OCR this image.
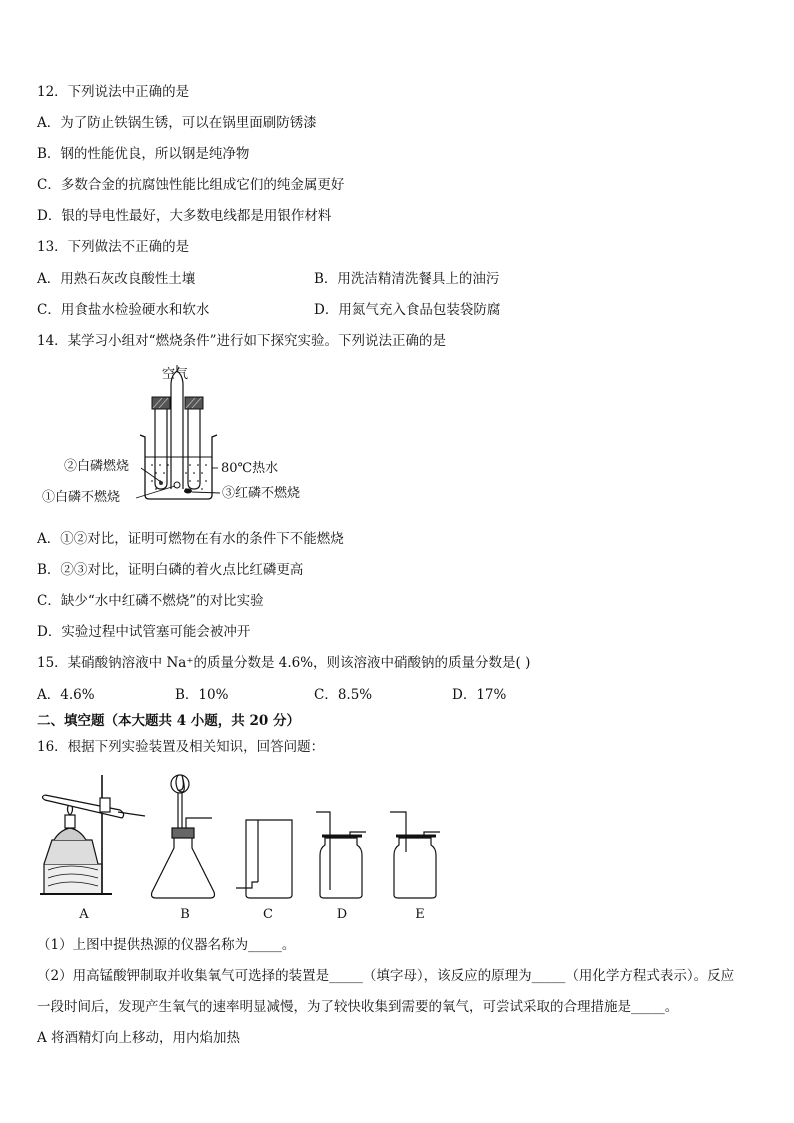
12．下列说法中正确的是
A．为了防止铁锅生锈，可以在锅里面刷防锈漆
B．钢的性能优良，所以钢是纯净物
C．多数合金的抗腐蚀性能比组成它们的纯金属更好
D．银的导电性最好，大多数电线都是用银作材料
13．下列做法不正确的是
A．用熟石灰改良酸性土壤	B．用洗洁精清洗餐具上的油污
C．用食盐水检验硬水和软水	D．用氮气充入食品包装袋防腐
14．某学习小组对“燃烧条件”进行如下探究实验。下列说法正确的是
空气
80℃热水
②白磷燃烧
①白磷不燃烧	③红磷不燃烧
A．①②对比，证明可燃物在有水的条件下不能燃烧
B．②③对比，证明白磷的着火点比红磷更高
C．缺少“水中红磷不燃烧”的对比实验
D．实验过程中试管塞可能会被冲开
15．某硝酸钠溶液中 Na⁺的质量分数是 4.6%，则该溶液中硝酸钠的质量分数是( )
A．4.6%	B．10%	C．8.5%	D．17%
二、填空题（本大题共 4 小题，共 20 分）
16．根据下列实验装置及相关知识，回答问题：
A	B	C	D	E
（1）上图中提供热源的仪器名称为_____。
（2）用高锰酸钾制取并收集氧气可选择的装置是_____（填字母），该反应的原理为_____（用化学方程式表示）。反应
一段时间后，发现产生氧气的速率明显减慢，为了较快收集到需要的氧气，可尝试采取的合理措施是_____。
A 将酒精灯向上移动，用内焰加热
